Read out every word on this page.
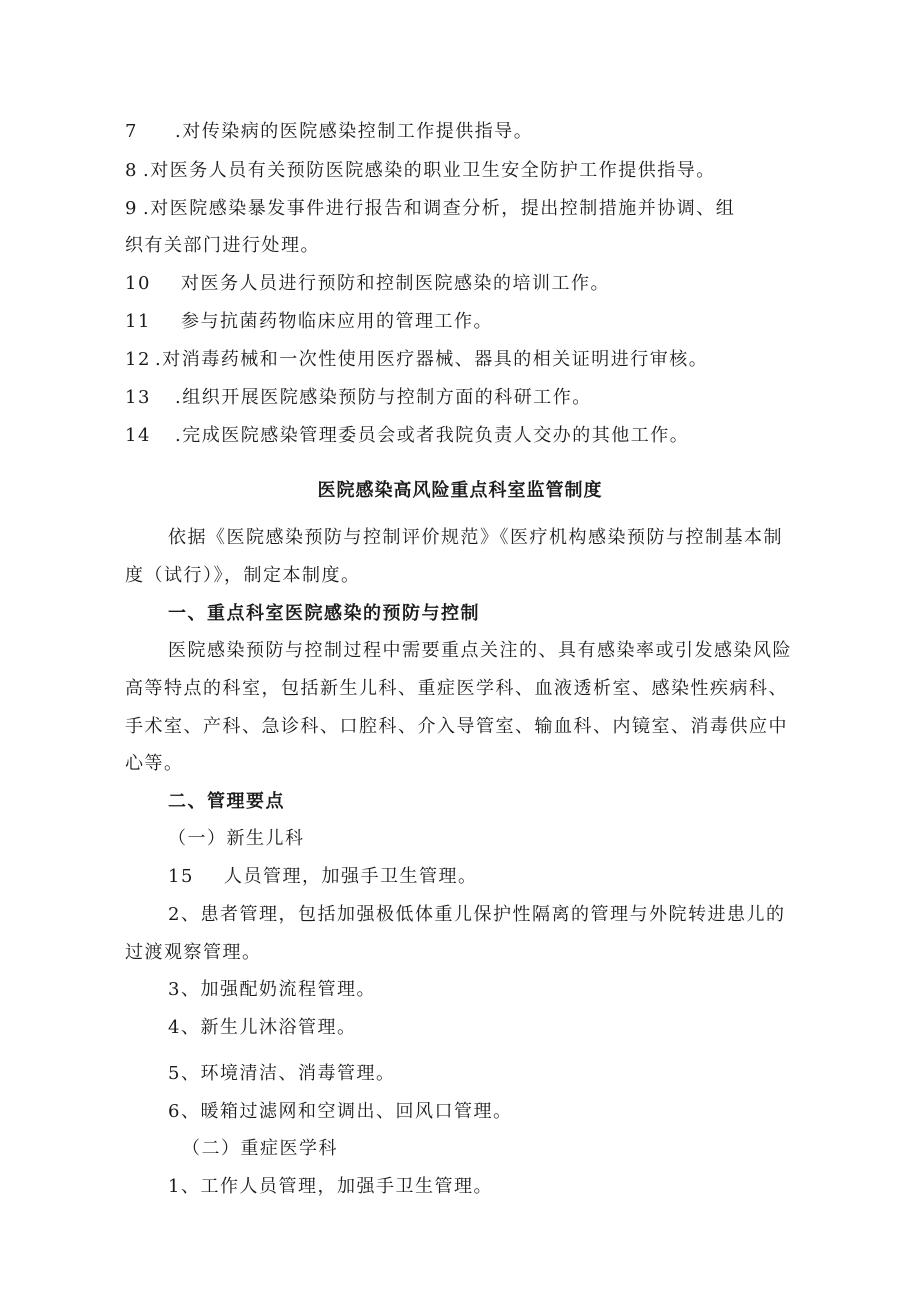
7 .对传染病的医院感染控制工作提供指导。
8 .对医务人员有关预防医院感染的职业卫生安全防护工作提供指导。
9 .对医院感染暴发事件进行报告和调查分析，提出控制措施并协调、组
织有关部门进行处理。
10 对医务人员进行预防和控制医院感染的培训工作。
11 参与抗菌药物临床应用的管理工作。
12 .对消毒药械和一次性使用医疗器械、器具的相关证明进行审核。
13 .组织开展医院感染预防与控制方面的科研工作。
14 .完成医院感染管理委员会或者我院负责人交办的其他工作。
医院感染高风险重点科室监管制度
依据《医院感染预防与控制评价规范》《医疗机构感染预防与控制基本制
度（试行）》，制定本制度。
一、重点科室医院感染的预防与控制
医院感染预防与控制过程中需要重点关注的、具有感染率或引发感染风险
高等特点的科室，包括新生儿科、重症医学科、血液透析室、感染性疾病科、
手术室、产科、急诊科、口腔科、介入导管室、输血科、内镜室、消毒供应中
心等。
二、管理要点
（一）新生儿科
15 人员管理，加强手卫生管理。
2、患者管理，包括加强极低体重儿保护性隔离的管理与外院转进患儿的
过渡观察管理。
3、加强配奶流程管理。
4、新生儿沐浴管理。
5、环境清洁、消毒管理。
6、暖箱过滤网和空调出、回风口管理。
（二）重症医学科
1、工作人员管理，加强手卫生管理。
